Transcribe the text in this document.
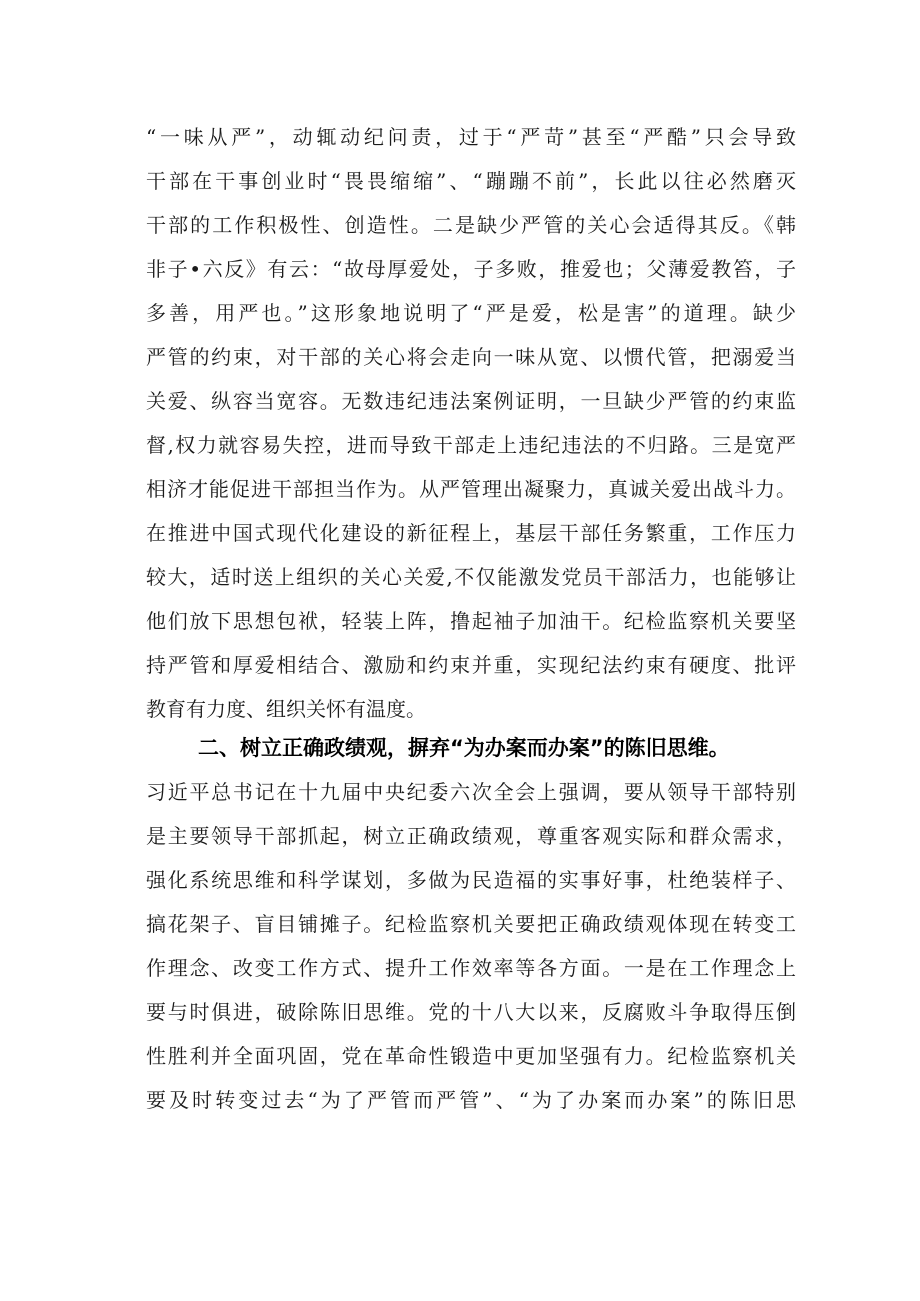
“一味从严”，动辄动纪问责，过于“严苛”甚至“严酷”只会导致

干部在干事创业时“畏畏缩缩”、“蹦蹦不前”，长此以往必然磨灭

干部的工作积极性、创造性。二是缺少严管的关心会适得其反。《韩

非子•六反》有云：“故母厚爱处，子多败，推爱也；父薄爱教笞，子

多善，用严也。”这形象地说明了“严是爱，松是害”的道理。缺少

严管的约束，对干部的关心将会走向一味从宽、以惯代管，把溺爱当

关爱、纵容当宽容。无数违纪违法案例证明，一旦缺少严管的约束监

督,权力就容易失控，进而导致干部走上违纪违法的不归路。三是宽严

相济才能促进干部担当作为。从严管理出凝聚力，真诚关爱出战斗力。

在推进中国式现代化建设的新征程上，基层干部任务繁重，工作压力

较大，适时送上组织的关心关爱,不仅能激发党员干部活力，也能够让

他们放下思想包袱，轻装上阵，撸起袖子加油干。纪检监察机关要坚

持严管和厚爱相结合、激励和约束并重，实现纪法约束有硬度、批评

教育有力度、组织关怀有温度。

二、树立正确政绩观，摒弃“为办案而办案”的陈旧思维。

习近平总书记在十九届中央纪委六次全会上强调，要从领导干部特别

是主要领导干部抓起，树立正确政绩观，尊重客观实际和群众需求，

强化系统思维和科学谋划，多做为民造福的实事好事，杜绝装样子、

搞花架子、盲目铺摊子。纪检监察机关要把正确政绩观体现在转变工

作理念、改变工作方式、提升工作效率等各方面。一是在工作理念上

要与时俱进，破除陈旧思维。党的十八大以来，反腐败斗争取得压倒

性胜利并全面巩固，党在革命性锻造中更加坚强有力。纪检监察机关

要及时转变过去“为了严管而严管”、“为了办案而办案”的陈旧思
